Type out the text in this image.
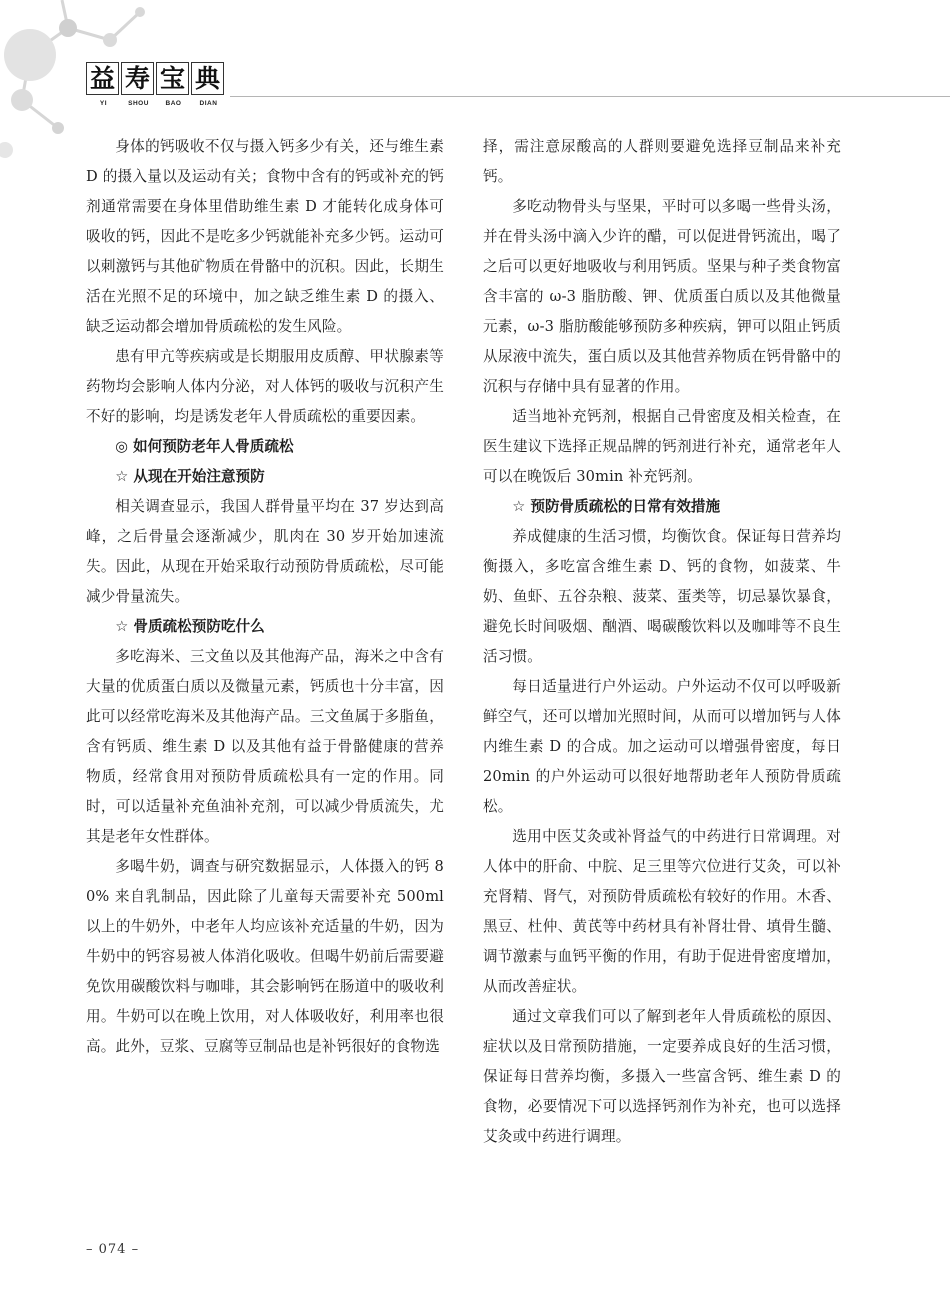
益 寿 宝 典
YI	SHOU	BAO	DIAN

身体的钙吸收不仅与摄入钙多少有关，还与维生素 D 的摄入量以及运动有关；食物中含有的钙或补充的钙剂通常需要在身体里借助维生素 D 才能转化成身体可吸收的钙，因此不是吃多少钙就能补充多少钙。运动可以刺激钙与其他矿物质在骨骼中的沉积。因此，长期生活在光照不足的环境中，加之缺乏维生素 D 的摄入、缺乏运动都会增加骨质疏松的发生风险。

患有甲亢等疾病或是长期服用皮质醇、甲状腺素等药物均会影响人体内分泌，对人体钙的吸收与沉积产生不好的影响，均是诱发老年人骨质疏松的重要因素。

◎ 如何预防老年人骨质疏松
☆ 从现在开始注意预防

相关调查显示，我国人群骨量平均在 37 岁达到高峰，之后骨量会逐渐减少，肌肉在 30 岁开始加速流失。因此，从现在开始采取行动预防骨质疏松，尽可能减少骨量流失。

☆ 骨质疏松预防吃什么

多吃海米、三文鱼以及其他海产品，海米之中含有大量的优质蛋白质以及微量元素，钙质也十分丰富，因此可以经常吃海米及其他海产品。三文鱼属于多脂鱼，含有钙质、维生素 D 以及其他有益于骨骼健康的营养物质，经常食用对预防骨质疏松具有一定的作用。同时，可以适量补充鱼油补充剂，可以减少骨质流失，尤其是老年女性群体。

多喝牛奶，调查与研究数据显示，人体摄入的钙 80% 来自乳制品，因此除了儿童每天需要补充 500ml 以上的牛奶外，中老年人均应该补充适量的牛奶，因为牛奶中的钙容易被人体消化吸收。但喝牛奶前后需要避免饮用碳酸饮料与咖啡，其会影响钙在肠道中的吸收利用。牛奶可以在晚上饮用，对人体吸收好，利用率也很高。此外，豆浆、豆腐等豆制品也是补钙很好的食物选

择，需注意尿酸高的人群则要避免选择豆制品来补充钙。

多吃动物骨头与坚果，平时可以多喝一些骨头汤，并在骨头汤中滴入少许的醋，可以促进骨钙流出，喝了之后可以更好地吸收与利用钙质。坚果与种子类食物富含丰富的 ω-3 脂肪酸、钾、优质蛋白质以及其他微量元素，ω-3 脂肪酸能够预防多种疾病，钾可以阻止钙质从尿液中流失，蛋白质以及其他营养物质在钙骨骼中的沉积与存储中具有显著的作用。

适当地补充钙剂，根据自己骨密度及相关检查，在医生建议下选择正规品牌的钙剂进行补充，通常老年人可以在晚饭后 30min 补充钙剂。

☆ 预防骨质疏松的日常有效措施

养成健康的生活习惯，均衡饮食。保证每日营养均衡摄入，多吃富含维生素 D、钙的食物，如菠菜、牛奶、鱼虾、五谷杂粮、菠菜、蛋类等，切忌暴饮暴食，避免长时间吸烟、酗酒、喝碳酸饮料以及咖啡等不良生活习惯。

每日适量进行户外运动。户外运动不仅可以呼吸新鲜空气，还可以增加光照时间，从而可以增加钙与人体内维生素 D 的合成。加之运动可以增强骨密度，每日 20min 的户外运动可以很好地帮助老年人预防骨质疏松。

选用中医艾灸或补肾益气的中药进行日常调理。对人体中的肝俞、中脘、足三里等穴位进行艾灸，可以补充肾精、肾气，对预防骨质疏松有较好的作用。木香、黑豆、杜仲、黄芪等中药材具有补肾壮骨、填骨生髓、调节激素与血钙平衡的作用，有助于促进骨密度增加，从而改善症状。

通过文章我们可以了解到老年人骨质疏松的原因、症状以及日常预防措施，一定要养成良好的生活习惯，保证每日营养均衡，多摄入一些富含钙、维生素 D 的食物，必要情况下可以选择钙剂作为补充，也可以选择艾灸或中药进行调理。

– 074 –
